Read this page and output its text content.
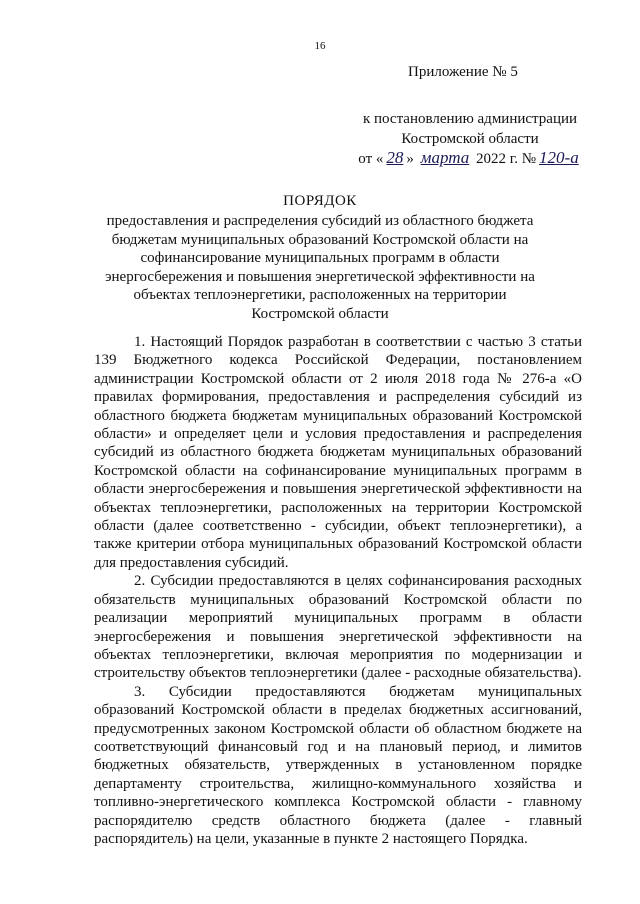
16
Приложение № 5
к постановлению администрации
Костромской области
от « 28 » марта 2022 г. № 120-а
ПОРЯДОК
предоставления и распределения субсидий из областного бюджета бюджетам муниципальных образований Костромской области на софинансирование муниципальных программ в области энергосбережения и повышения энергетической эффективности на объектах теплоэнергетики, расположенных на территории Костромской области

1. Настоящий Порядок разработан в соответствии с частью 3 статьи 139 Бюджетного кодекса Российской Федерации, постановлением администрации Костромской области от 2 июля 2018 года № 276-а «О правилах формирования, предоставления и распределения субсидий из областного бюджета бюджетам муниципальных образований Костромской области» и определяет цели и условия предоставления и распределения субсидий из областного бюджета бюджетам муниципальных образований Костромской области на софинансирование муниципальных программ в области энергосбережения и повышения энергетической эффективности на объектах теплоэнергетики, расположенных на территории Костромской области (далее соответственно - субсидии, объект теплоэнергетики), а также критерии отбора муниципальных образований Костромской области для предоставления субсидий.

2. Субсидии предоставляются в целях софинансирования расходных обязательств муниципальных образований Костромской области по реализации мероприятий муниципальных программ в области энергосбережения и повышения энергетической эффективности на объектах теплоэнергетики, включая мероприятия по модернизации и строительству объектов теплоэнергетики (далее - расходные обязательства).

3. Субсидии предоставляются бюджетам муниципальных образований Костромской области в пределах бюджетных ассигнований, предусмотренных законом Костромской области об областном бюджете на соответствующий финансовый год и на плановый период, и лимитов бюджетных обязательств, утвержденных в установленном порядке департаменту строительства, жилищно-коммунального хозяйства и топливно-энергетического комплекса Костромской области - главному распорядителю средств областного бюджета (далее - главный распорядитель) на цели, указанные в пункте 2 настоящего Порядка.
